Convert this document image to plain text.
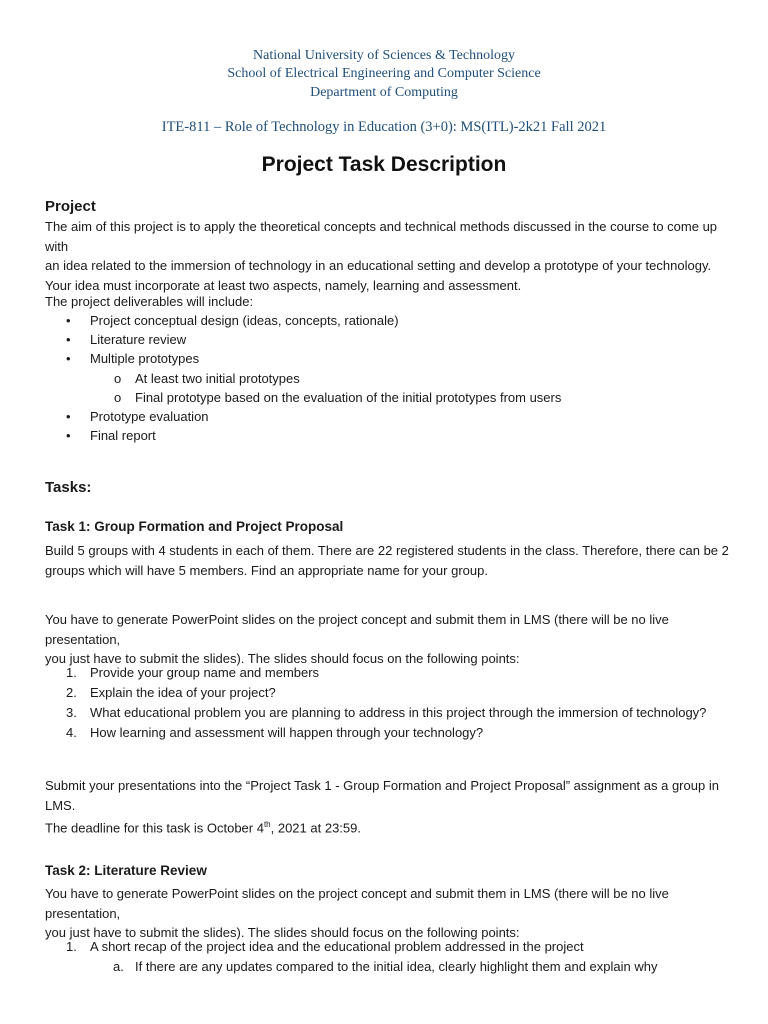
National University of Sciences & Technology
School of Electrical Engineering and Computer Science
Department of Computing
ITE-811 – Role of Technology in Education (3+0): MS(ITL)-2k21 Fall 2021
Project Task Description
Project
The aim of this project is to apply the theoretical concepts and technical methods discussed in the course to come up with
an idea related to the immersion of technology in an educational setting and develop a prototype of your technology.
Your idea must incorporate at least two aspects, namely, learning and assessment.
The project deliverables will include:
• Project conceptual design (ideas, concepts, rationale)
• Literature review
• Multiple prototypes
o At least two initial prototypes
o Final prototype based on the evaluation of the initial prototypes from users
• Prototype evaluation
• Final report
Tasks:
Task 1: Group Formation and Project Proposal
Build 5 groups with 4 students in each of them. There are 22 registered students in the class. Therefore, there can be 2
groups which will have 5 members. Find an appropriate name for your group.
You have to generate PowerPoint slides on the project concept and submit them in LMS (there will be no live presentation,
you just have to submit the slides). The slides should focus on the following points:
1. Provide your group name and members
2. Explain the idea of your project?
3. What educational problem you are planning to address in this project through the immersion of technology?
4. How learning and assessment will happen through your technology?
Submit your presentations into the “Project Task 1 - Group Formation and Project Proposal” assignment as a group in LMS.
The deadline for this task is October 4th, 2021 at 23:59.
Task 2: Literature Review
You have to generate PowerPoint slides on the project concept and submit them in LMS (there will be no live presentation,
you just have to submit the slides). The slides should focus on the following points:
1. A short recap of the project idea and the educational problem addressed in the project
a. If there are any updates compared to the initial idea, clearly highlight them and explain why
